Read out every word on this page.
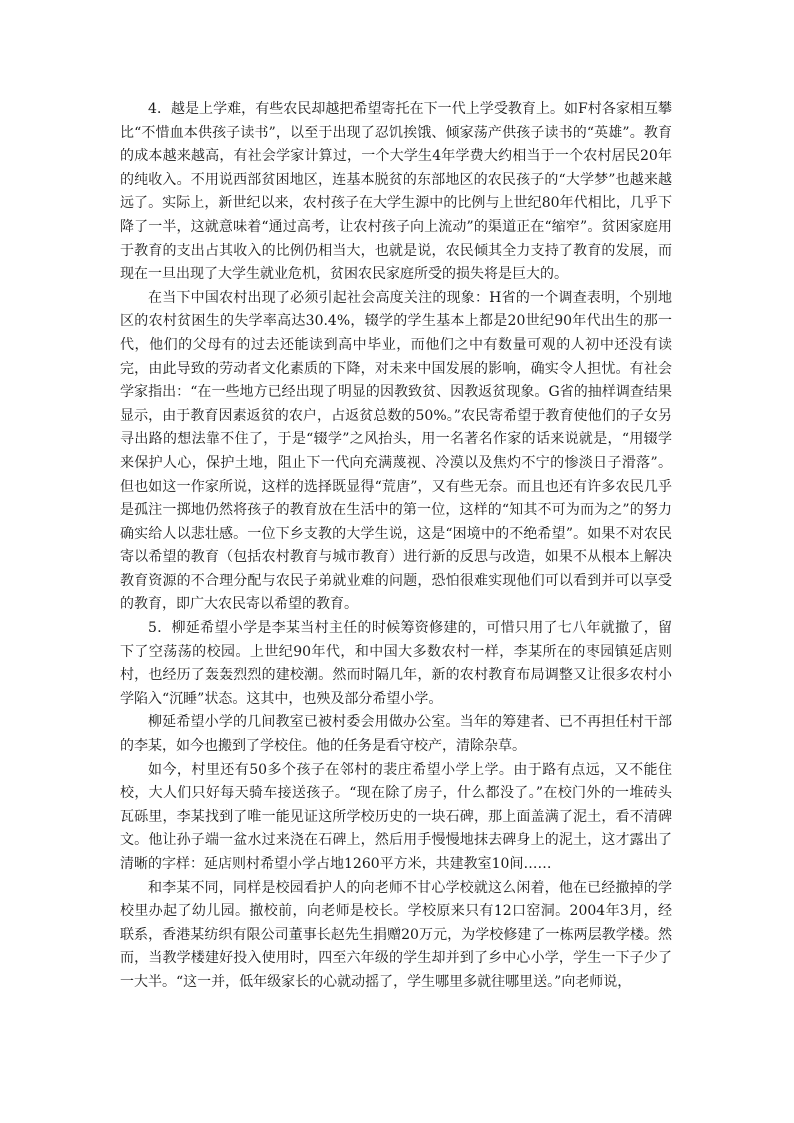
4．越是上学难，有些农民却越把希望寄托在下一代上学受教育上。如F村各家相互攀比“不惜血本供孩子读书”，以至于出现了忍饥挨饿、倾家荡产供孩子读书的“英雄”。教育的成本越来越高，有社会学家计算过，一个大学生4年学费大约相当于一个农村居民20年的纯收入。不用说西部贫困地区，连基本脱贫的东部地区的农民孩子的“大学梦”也越来越远了。实际上，新世纪以来，农村孩子在大学生源中的比例与上世纪80年代相比，几乎下降了一半，这就意味着“通过高考，让农村孩子向上流动”的渠道正在“缩窄”。贫困家庭用于教育的支出占其收入的比例仍相当大，也就是说，农民倾其全力支持了教育的发展，而现在一旦出现了大学生就业危机，贫困农民家庭所受的损失将是巨大的。

在当下中国农村出现了必须引起社会高度关注的现象：H省的一个调查表明，个别地区的农村贫困生的失学率高达30.4%，辍学的学生基本上都是20世纪90年代出生的那一代，他们的父母有的过去还能读到高中毕业，而他们之中有数量可观的人初中还没有读完，由此导致的劳动者文化素质的下降，对未来中国发展的影响，确实令人担忧。有社会学家指出：“在一些地方已经出现了明显的因教致贫、因教返贫现象。G省的抽样调查结果显示，由于教育因素返贫的农户，占返贫总数的50%。”农民寄希望于教育使他们的子女另寻出路的想法靠不住了，于是“辍学”之风抬头，用一名著名作家的话来说就是，“用辍学来保护人心，保护土地，阻止下一代向充满蔑视、冷漠以及焦灼不宁的惨淡日子滑落”。但也如这一作家所说，这样的选择既显得“荒唐”，又有些无奈。而且也还有许多农民几乎是孤注一掷地仍然将孩子的教育放在生活中的第一位，这样的“知其不可为而为之”的努力确实给人以悲壮感。一位下乡支教的大学生说，这是“困境中的不绝希望”。如果不对农民寄以希望的教育（包括农村教育与城市教育）进行新的反思与改造，如果不从根本上解决教育资源的不合理分配与农民子弟就业难的问题，恐怕很难实现他们可以看到并可以享受的教育，即广大农民寄以希望的教育。

5．柳延希望小学是李某当村主任的时候筹资修建的，可惜只用了七八年就撤了，留下了空荡荡的校园。上世纪90年代，和中国大多数农村一样，李某所在的枣园镇延店则村，也经历了轰轰烈烈的建校潮。然而时隔几年，新的农村教育布局调整又让很多农村小学陷入“沉睡”状态。这其中，也殃及部分希望小学。

柳延希望小学的几间教室已被村委会用做办公室。当年的筹建者、已不再担任村干部的李某，如今也搬到了学校住。他的任务是看守校产，清除杂草。

如今，村里还有50多个孩子在邻村的裴庄希望小学上学。由于路有点远，又不能住校，大人们只好每天骑车接送孩子。“现在除了房子，什么都没了。”在校门外的一堆砖头瓦砾里，李某找到了唯一能见证这所学校历史的一块石碑，那上面盖满了泥土，看不清碑文。他让孙子端一盆水过来浇在石碑上，然后用手慢慢地抹去碑身上的泥土，这才露出了清晰的字样：延店则村希望小学占地1260平方米，共建教室10间……

和李某不同，同样是校园看护人的向老师不甘心学校就这么闲着，他在已经撤掉的学校里办起了幼儿园。撤校前，向老师是校长。学校原来只有12口窑洞。2004年3月，经联系，香港某纺织有限公司董事长赵先生捐赠20万元，为学校修建了一栋两层教学楼。然而，当教学楼建好投入使用时，四至六年级的学生却并到了乡中心小学，学生一下子少了一大半。“这一并，低年级家长的心就动摇了，学生哪里多就往哪里送。”向老师说，
